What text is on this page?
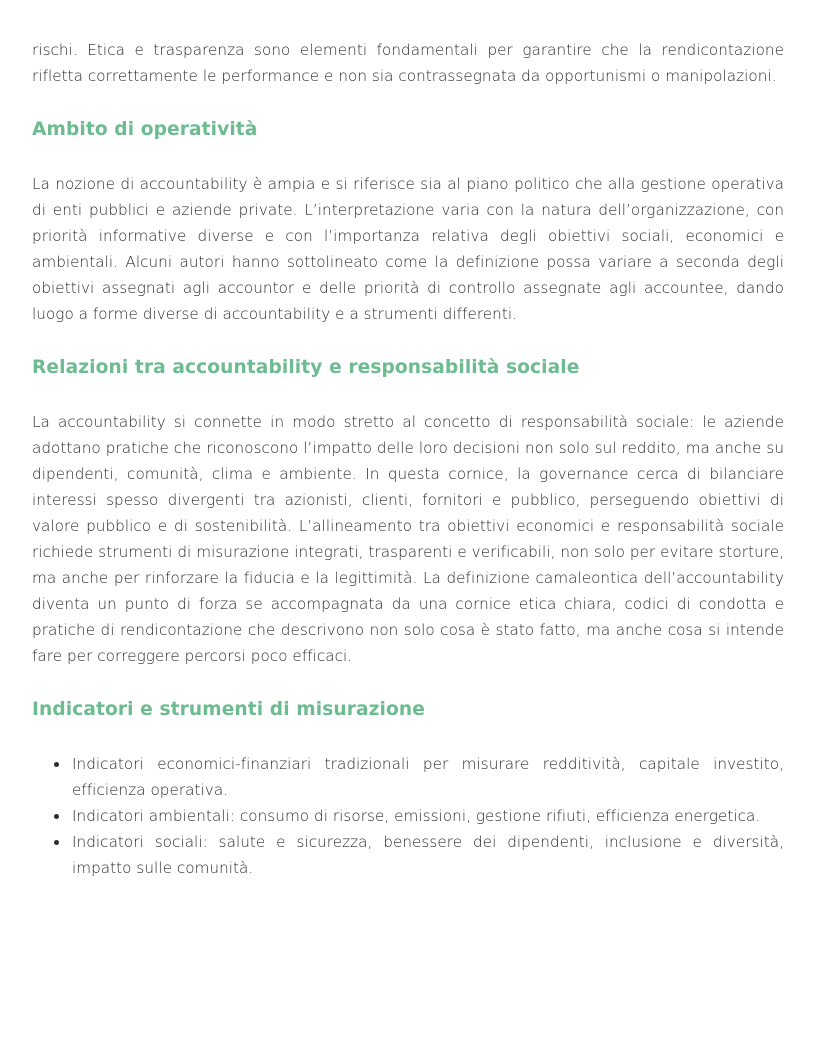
rischi. Etica e trasparenza sono elementi fondamentali per garantire che la rendicontazione rifletta correttamente le performance e non sia contrassegnata da opportunismi o manipolazioni.

Ambito di operatività

La nozione di accountability è ampia e si riferisce sia al piano politico che alla gestione operativa di enti pubblici e aziende private. L’interpretazione varia con la natura dell’organizzazione, con priorità informative diverse e con l’importanza relativa degli obiettivi sociali, economici e ambientali. Alcuni autori hanno sottolineato come la definizione possa variare a seconda degli obiettivi assegnati agli accountor e delle priorità di controllo assegnate agli accountee, dando luogo a forme diverse di accountability e a strumenti differenti.

Relazioni tra accountability e responsabilità sociale

La accountability si connette in modo stretto al concetto di responsabilità sociale: le aziende adottano pratiche che riconoscono l’impatto delle loro decisioni non solo sul reddito, ma anche su dipendenti, comunità, clima e ambiente. In questa cornice, la governance cerca di bilanciare interessi spesso divergenti tra azionisti, clienti, fornitori e pubblico, perseguendo obiettivi di valore pubblico e di sostenibilità. L’allineamento tra obiettivi economici e responsabilità sociale richiede strumenti di misurazione integrati, trasparenti e verificabili, non solo per evitare storture, ma anche per rinforzare la fiducia e la legittimità. La definizione camaleontica dell’accountability diventa un punto di forza se accompagnata da una cornice etica chiara, codici di condotta e pratiche di rendicontazione che descrivono non solo cosa è stato fatto, ma anche cosa si intende fare per correggere percorsi poco efficaci.

Indicatori e strumenti di misurazione
Indicatori economici-finanziari tradizionali per misurare redditività, capitale investito, efficienza operativa.
Indicatori ambientali: consumo di risorse, emissioni, gestione rifiuti, efficienza energetica.
Indicatori sociali: salute e sicurezza, benessere dei dipendenti, inclusione e diversità, impatto sulle comunità.
